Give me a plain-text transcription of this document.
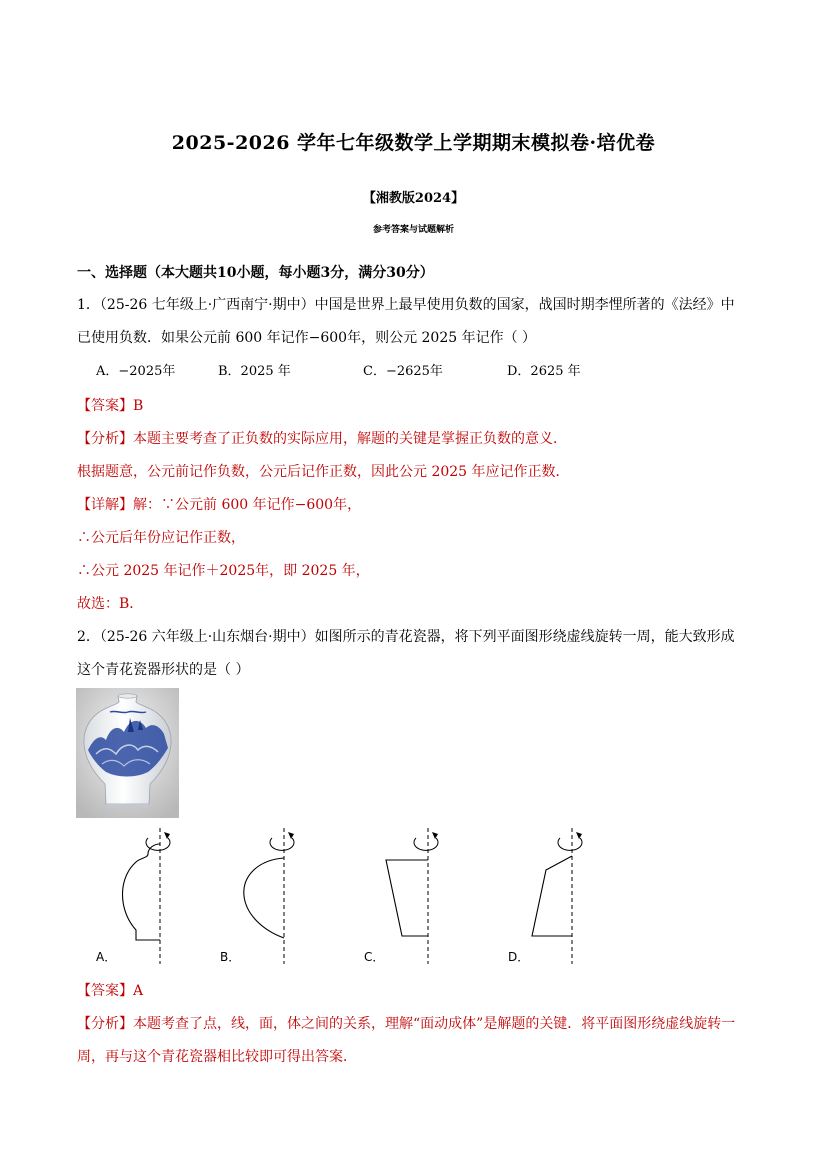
2025-2026 学年七年级数学上学期期末模拟卷·培优卷
【湘教版2024】
参考答案与试题解析
一、选择题（本大题共10小题，每小题3分，满分30分）
1．（25-26 七年级上·广西南宁·期中）中国是世界上最早使用负数的国家，战国时期李悝所著的《法经》中
已使用负数．如果公元前 600 年记作−600年，则公元 2025 年记作（ ）
A．−2025年	B．2025 年	C．−2625年	D．2625 年
【答案】B
【分析】本题主要考查了正负数的实际应用，解题的关键是掌握正负数的意义．
根据题意，公元前记作负数，公元后记作正数，因此公元 2025 年应记作正数．
【详解】解：∵公元前 600 年记作−600年，
∴公元后年份应记作正数，
∴公元 2025 年记作＋2025年，即 2025 年，
故选：B．
2．（25-26 六年级上·山东烟台·期中）如图所示的青花瓷器，将下列平面图形绕虚线旋转一周，能大致形成
这个青花瓷器形状的是（ ）
A．	B．	C．	D．
【答案】A
【分析】本题考查了点，线，面，体之间的关系，理解“面动成体”是解题的关键．将平面图形绕虚线旋转一
周，再与这个青花瓷器相比较即可得出答案．
